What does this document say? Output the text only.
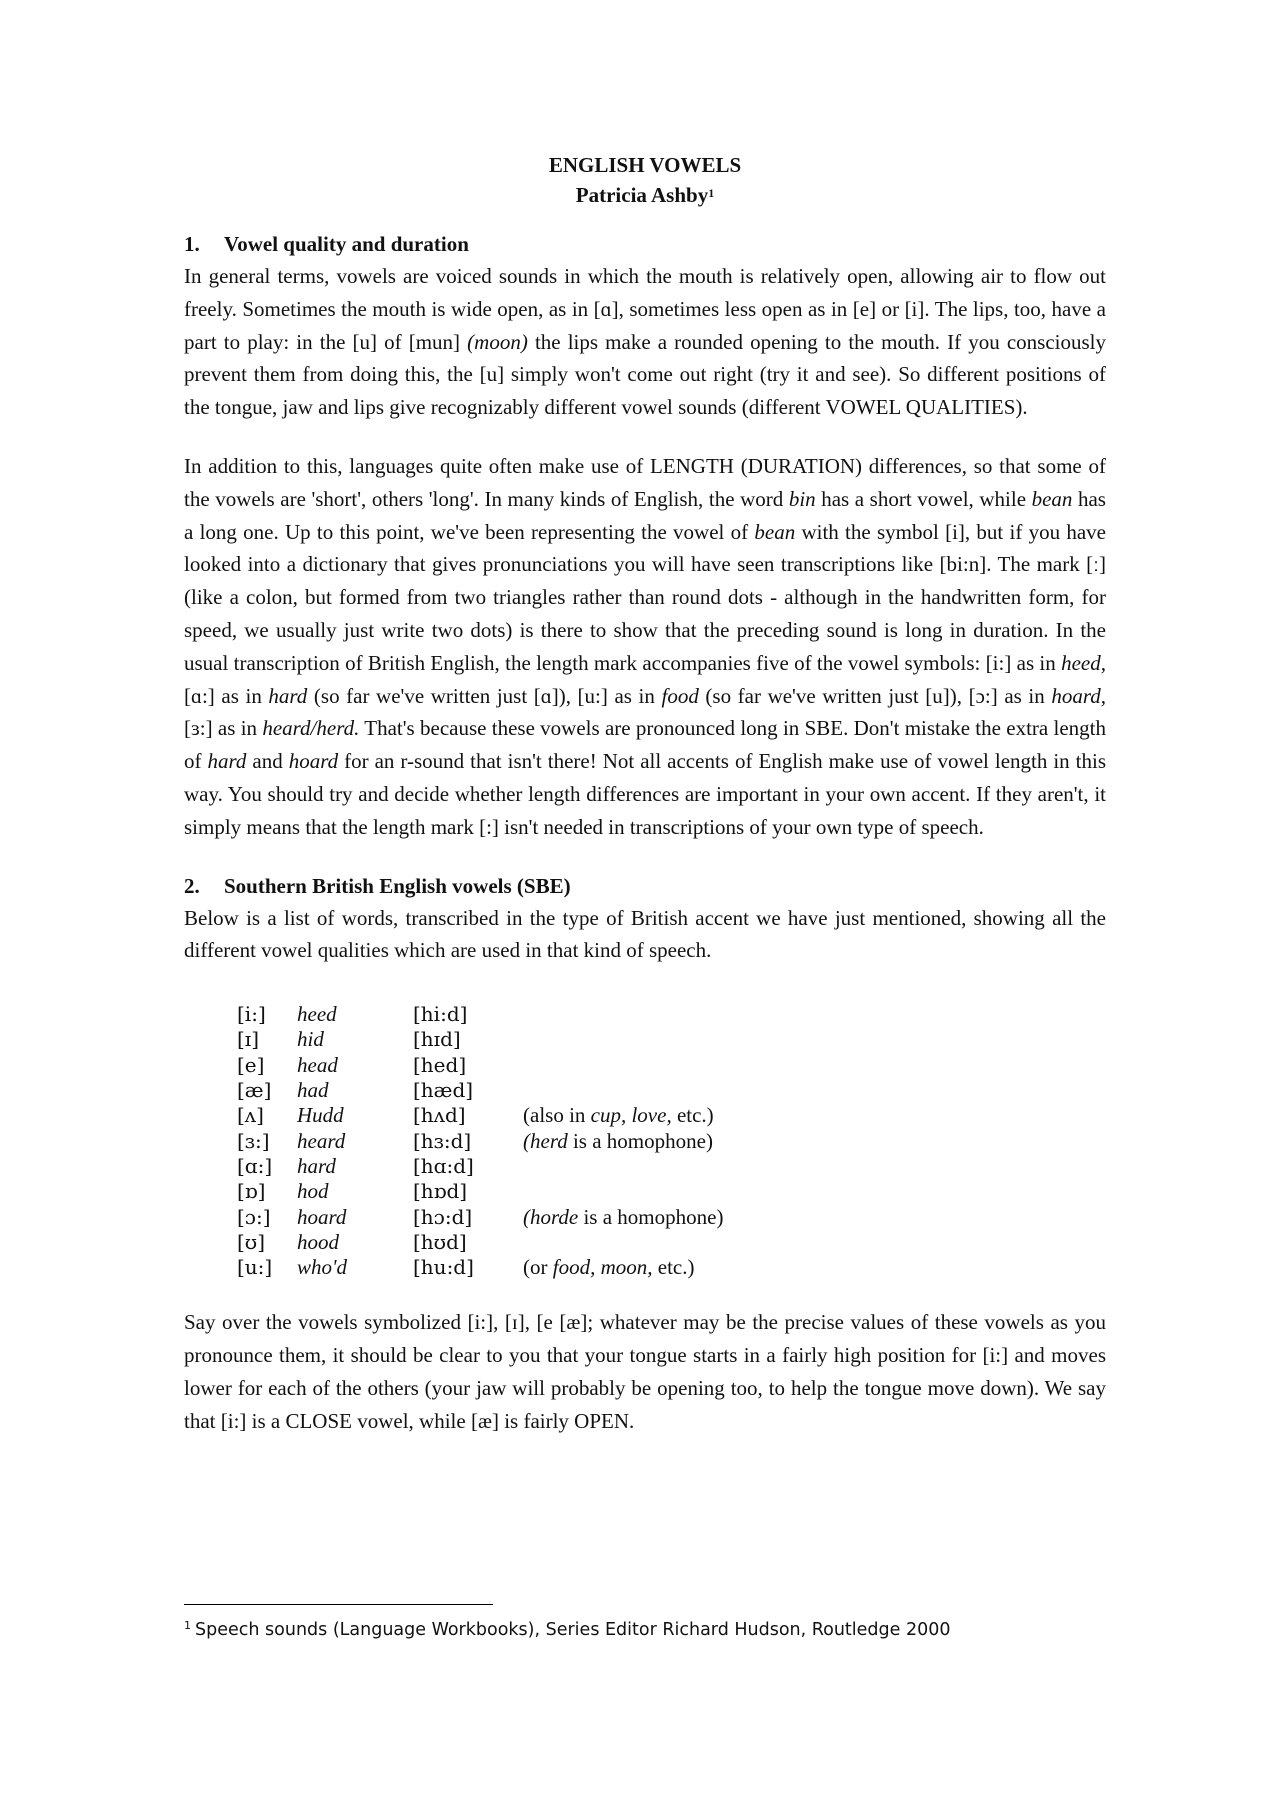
ENGLISH VOWELS
Patricia Ashby$^1$
1. Vowel quality and duration

In general terms, vowels are voiced sounds in which the mouth is relatively open, allowing air to flow out freely. Sometimes the mouth is wide open, as in [ɑ], sometimes less open as in [e] or [i]. The lips, too, have a part to play: in the [u] of [mun] (moon) the lips make a rounded opening to the mouth. If you consciously prevent them from doing this, the [u] simply won't come out right (try it and see). So different positions of the tongue, jaw and lips give recognizably different vowel sounds (different VOWEL QUALITIES).

In addition to this, languages quite often make use of LENGTH (DURATION) differences, so that some of the vowels are 'short', others 'long'. In many kinds of English, the word bin has a short vowel, while bean has a long one. Up to this point, we've been representing the vowel of bean with the symbol [i], but if you have looked into a dictionary that gives pronunciations you will have seen transcriptions like [bi:n]. The mark [ː] (like a colon, but formed from two triangles rather than round dots - although in the handwritten form, for speed, we usually just write two dots) is there to show that the preceding sound is long in duration. In the usual transcription of British English, the length mark accompanies five of the vowel symbols: [i:] as in heed, [ɑ:] as in hard (so far we've written just [ɑ]), [u:] as in food (so far we've written just [u]), [ɔ:] as in hoard, [ɜ:] as in heard/herd. That's because these vowels are pronounced long in SBE. Don't mistake the extra length of hard and hoard for an r-sound that isn't there! Not all accents of English make use of vowel length in this way. You should try and decide whether length differences are important in your own accent. If they aren't, it simply means that the length mark [:] isn't needed in transcriptions of your own type of speech.

2. Southern British English vowels (SBE)

Below is a list of words, transcribed in the type of British accent we have just mentioned, showing all the different vowel qualities which are used in that kind of speech.

[i:]	heed	[hi:d]	
[ɪ]	hid	[hɪd]	
[e]	head	[hed]	
[æ]	had	[hæd]	
[ʌ]	Hudd	[hʌd]	(also in cup, love, etc.)
[ɜ:]	heard	[hɜ:d]	(herd is a homophone)
[ɑ:]	hard	[hɑ:d]	
[ɒ]	hod	[hɒd]	
[ɔ:]	hoard	[hɔ:d]	(horde is a homophone)
[ʊ]	hood	[hʊd]	
[u:]	who'd	[hu:d]	(or food, moon, etc.)

Say over the vowels symbolized [i:], [ɪ], [e [æ]; whatever may be the precise values of these vowels as you pronounce them, it should be clear to you that your tongue starts in a fairly high position for [i:] and moves lower for each of the others (your jaw will probably be opening too, to help the tongue move down). We say that [i:] is a CLOSE vowel, while [æ] is fairly OPEN.

$^1$ Speech sounds (Language Workbooks), Series Editor Richard Hudson, Routledge 2000
